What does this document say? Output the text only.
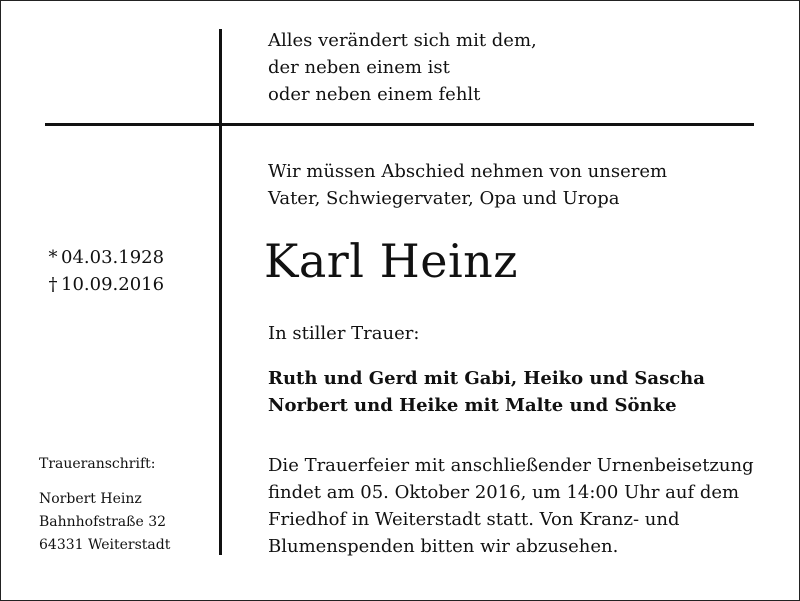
Alles verändert sich mit dem,
der neben einem ist
oder neben einem fehlt
Wir müssen Abschied nehmen von unserem
Vater, Schwiegervater, Opa und Uropa
Karl Heinz
* 04.03.1928
† 10.09.2016
In stiller Trauer:
Ruth und Gerd mit Gabi, Heiko und Sascha
Norbert und Heike mit Malte und Sönke
Die Trauerfeier mit anschließender Urnenbeisetzung
findet am 05. Oktober 2016, um 14:00 Uhr auf dem
Friedhof in Weiterstadt statt. Von Kranz- und
Blumenspenden bitten wir abzusehen.
Traueranschrift:
Norbert Heinz
Bahnhofstraße 32
64331 Weiterstadt
